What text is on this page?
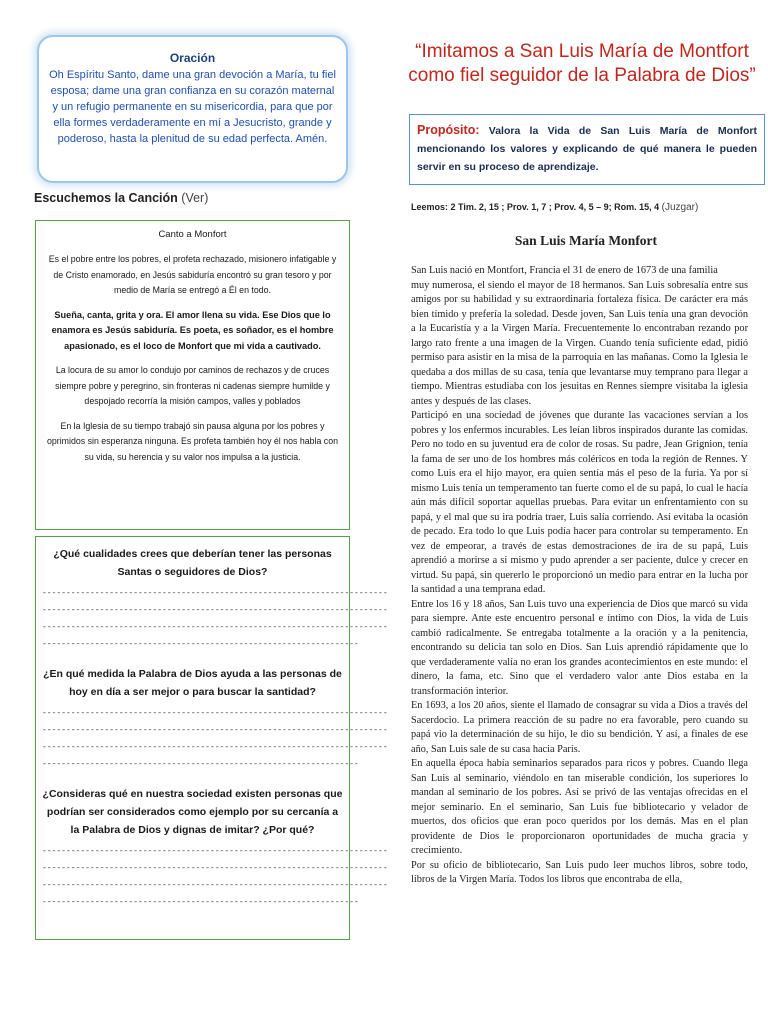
Oración
Oh Espíritu Santo, dame una gran devoción a María, tu fiel esposa; dame una gran confianza en su corazón maternal y un refugio permanente en su misericordia, para que por ella formes verdaderamente en mí a Jesucristo, grande y poderoso, hasta la plenitud de su edad perfecta. Amén.
Escuchemos la Canción (Ver)
Canto a Monfort

Es el pobre entre los pobres, el profeta rechazado, misionero infatigable y de Cristo enamorado, en Jesús sabiduría encontró su gran tesoro y por medio de María se entregó a Él en todo.

Sueña, canta, grita y ora. El amor llena su vida. Ese Dios que lo enamora es Jesús sabiduría. Es poeta, es soñador, es el hombre apasionado, es el loco de Monfort que mi vida a cautivado.

La locura de su amor lo condujo por caminos de rechazos y de cruces siempre pobre y peregrino, sin fronteras ni cadenas siempre humilde y despojado recorría la misión campos, valles y poblados

En la Iglesia de su tiempo trabajó sin pausa alguna por los pobres y oprimidos sin esperanza ninguna. Es profeta también hoy él nos habla con su vida, su herencia y su valor nos impulsa a la justicia.

¿Qué cualidades crees que deberían tener las personas Santas o seguidores de Dios?

------------------------------------------------------------------------
------------------------------------------------------------------------
------------------------------------------------------------------------
------------------------------------------------------------------

¿En qué medida la Palabra de Dios ayuda a las personas de hoy en día a ser mejor o para buscar la santidad?

------------------------------------------------------------------------
------------------------------------------------------------------------
------------------------------------------------------------------------
------------------------------------------------------------------

¿Consideras qué en nuestra sociedad existen personas que podrían ser considerados como ejemplo por su cercanía a la Palabra de Dios y dignas de imitar? ¿Por qué?

------------------------------------------------------------------------
------------------------------------------------------------------------
------------------------------------------------------------------------
------------------------------------------------------------------
“Imitamos a San Luis María de Montfort como fiel seguidor de la Palabra de Dios”
Propósito: Valora la Vida de San Luis María de Monfort mencionando los valores y explicando de qué manera le pueden servir en su proceso de aprendizaje.
Leemos: 2 Tim. 2, 15 ; Prov. 1, 7 ; Prov. 4, 5 – 9; Rom. 15, 4 (Juzgar)
San Luis María Monfort

San Luis nació en Montfort, Francia el 31 de enero de 1673 de una familia

muy numerosa, el siendo el mayor de 18 hermanos. San Luis sobresalía entre sus amigos por su habilidad y su extraordinaria fortaleza física. De carácter era más bien tímido y prefería la soledad. Desde joven, San Luis tenía una gran devoción a la Eucaristía y a la Virgen María. Frecuentemente lo encontraban rezando por largo rato frente a una imagen de la Virgen. Cuando tenía suficiente edad, pidió permiso para asistir en la misa de la parroquia en las mañanas. Como la Iglesia le quedaba a dos millas de su casa, tenía que levantarse muy temprano para llegar a tiempo. Mientras estudiaba con los jesuitas en Rennes siempre visitaba la iglesia antes y después de las clases.

Participó en una sociedad de jóvenes que durante las vacaciones servían a los pobres y los enfermos incurables. Les leían libros inspirados durante las comidas. Pero no todo en su juventud era de color de rosas. Su padre, Jean Grignion, tenía la fama de ser uno de los hombres más coléricos en toda la región de Rennes. Y como Luis era el hijo mayor, era quien sentía más el peso de la furia. Ya por sí mismo Luis tenía un temperamento tan fuerte como el de su papá, lo cual le hacía aún más difícil soportar aquellas pruebas. Para evitar un enfrentamiento con su papá, y el mal que su ira podría traer, Luis salía corriendo. Así evitaba la ocasión de pecado. Era todo lo que Luis podía hacer para controlar su temperamento. En vez de empeorar, a través de estas demostraciones de ira de su papá, Luis aprendió a morirse a sí mismo y pudo aprender a ser paciente, dulce y crecer en virtud. Su papá, sin quererlo le proporcionó un medio para entrar en la lucha por la santidad a una temprana edad.

Entre los 16 y 18 años, San Luis tuvo una experiencia de Dios que marcó su vida para siempre. Ante este encuentro personal e íntimo con Dios, la vida de Luis cambió radicalmente. Se entregaba totalmente a la oración y a la penitencia, encontrando su delicia tan solo en Dios. San Luis aprendió rápidamente que lo que verdaderamente valía no eran los grandes acontecimientos en este mundo: el dinero, la fama, etc. Sino que el verdadero valor ante Dios estaba en la transformación interior.

En 1693, a los 20 años, siente el llamado de consagrar su vida a Dios a través del Sacerdocio. La primera reacción de su padre no era favorable, pero cuando su papá vio la determinación de su hijo, le dio su bendición. Y así, a finales de ese año, San Luis sale de su casa hacia París.

En aquella época había seminarios separados para ricos y pobres. Cuando llega San Luis al seminario, viéndolo en tan miserable condición, los superiores lo mandan al seminario de los pobres. Así se privó de las ventajas ofrecidas en el mejor seminario. En el seminario, San Luis fue bibliotecario y velador de muertos, dos oficios que eran poco queridos por los demás. Mas en el plan providente de Dios le proporcionaron oportunidades de mucha gracia y crecimiento.

Por su oficio de bibliotecario, San Luis pudo leer muchos libros, sobre todo, libros de la Virgen María. Todos los libros que encontraba de ella,
